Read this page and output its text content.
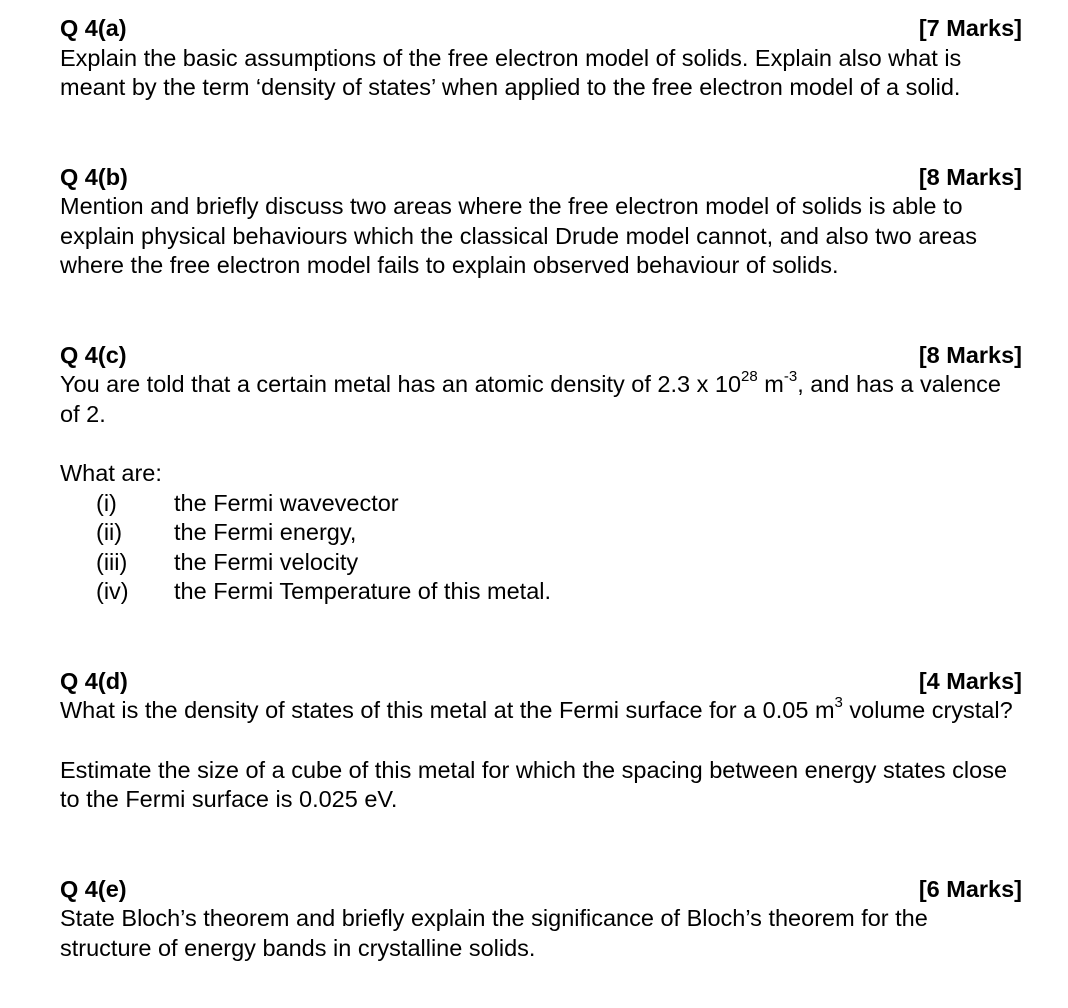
Q 4(a)	[7 Marks]

Explain the basic assumptions of the free electron model of solids. Explain also what is meant by the term ‘density of states’ when applied to the free electron model of a solid.

Q 4(b)	[8 Marks]

Mention and briefly discuss two areas where the free electron model of solids is able to explain physical behaviours which the classical Drude model cannot, and also two areas where the free electron model fails to explain observed behaviour of solids.

Q 4(c)	[8 Marks]

You are told that a certain metal has an atomic density of 2.3 x $10^{28}$ $m^{-3}$, and has a valence of 2.

What are:

(i)	the Fermi wavevector
(ii)	the Fermi energy,
(iii)	the Fermi velocity
(iv)	the Fermi Temperature of this metal.
Q 4(d)	[4 Marks]

What is the density of states of this metal at the Fermi surface for a 0.05 $m^3$ volume crystal?

Estimate the size of a cube of this metal for which the spacing between energy states close to the Fermi surface is 0.025 eV.

Q 4(e)	[6 Marks]

State Bloch’s theorem and briefly explain the significance of Bloch’s theorem for the structure of energy bands in crystalline solids.
